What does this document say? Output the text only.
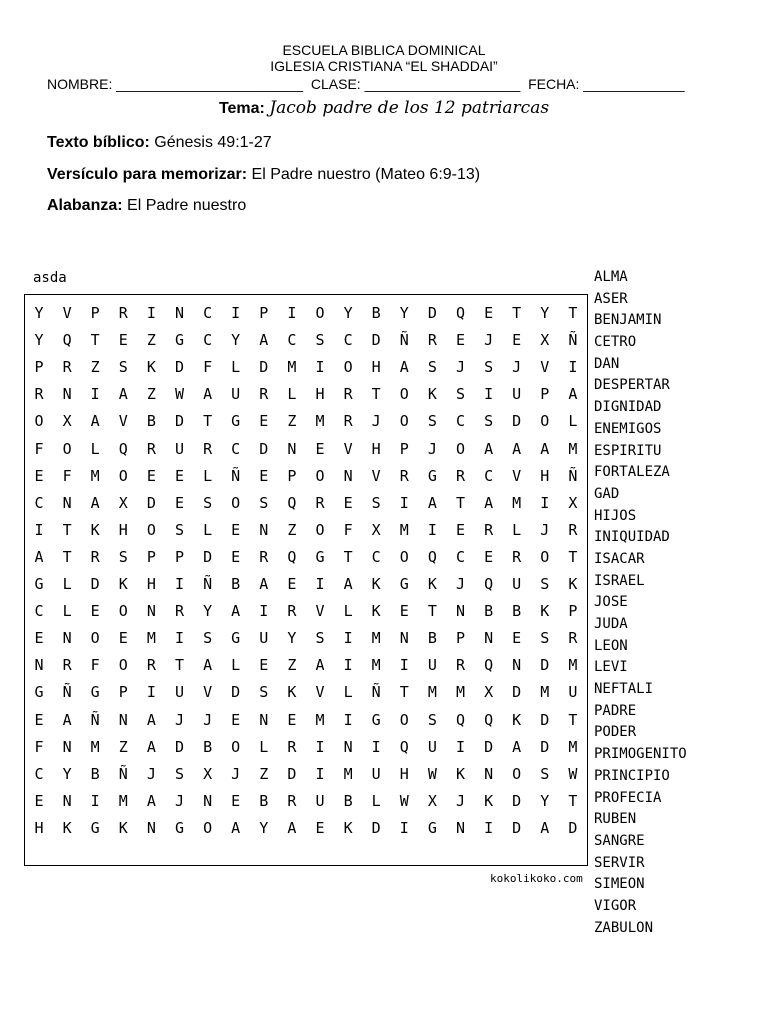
ESCUELA BIBLICA DOMINICAL
IGLESIA CRISTIANA “EL SHADDAI”
NOMBRE: ________________________  CLASE: ____________________  FECHA: _____________
Tema: Jacob padre de los 12 patriarcas
Texto bíblico: Génesis 49:1-27
Versículo para memorizar: El Padre nuestro (Mateo 6:9-13)
Alabanza: El Padre nuestro
asda
Y	V	P	R	I	N	C	I	P	I	O	Y	B	Y	D	Q	E	T	Y	T
Y	Q	T	E	Z	G	C	Y	A	C	S	C	D	Ñ	R	E	J	E	X	Ñ
P	R	Z	S	K	D	F	L	D	M	I	O	H	A	S	J	S	J	V	I
R	N	I	A	Z	W	A	U	R	L	H	R	T	O	K	S	I	U	P	A
O	X	A	V	B	D	T	G	E	Z	M	R	J	O	S	C	S	D	O	L
F	O	L	Q	R	U	R	C	D	N	E	V	H	P	J	O	A	A	A	M
E	F	M	O	E	E	L	Ñ	E	P	O	N	V	R	G	R	C	V	H	Ñ
C	N	A	X	D	E	S	O	S	Q	R	E	S	I	A	T	A	M	I	X
I	T	K	H	O	S	L	E	N	Z	O	F	X	M	I	E	R	L	J	R
A	T	R	S	P	P	D	E	R	Q	G	T	C	O	Q	C	E	R	O	T
G	L	D	K	H	I	Ñ	B	A	E	I	A	K	G	K	J	Q	U	S	K
C	L	E	O	N	R	Y	A	I	R	V	L	K	E	T	N	B	B	K	P
E	N	O	E	M	I	S	G	U	Y	S	I	M	N	B	P	N	E	S	R
N	R	F	O	R	T	A	L	E	Z	A	I	M	I	U	R	Q	N	D	M
G	Ñ	G	P	I	U	V	D	S	K	V	L	Ñ	T	M	M	X	D	M	U
E	A	Ñ	N	A	J	J	E	N	E	M	I	G	O	S	Q	Q	K	D	T
F	N	M	Z	A	D	B	O	L	R	I	N	I	Q	U	I	D	A	D	M
C	Y	B	Ñ	J	S	X	J	Z	D	I	M	U	H	W	K	N	O	S	W
E	N	I	M	A	J	N	E	B	R	U	B	L	W	X	J	K	D	Y	T
H	K	G	K	N	G	O	A	Y	A	E	K	D	I	G	N	I	D	A	D
kokolikoko.com
ALMA
ASER
BENJAMIN
CETRO
DAN
DESPERTAR
DIGNIDAD
ENEMIGOS
ESPIRITU
FORTALEZA
GAD
HIJOS
INIQUIDAD
ISACAR
ISRAEL
JOSE
JUDA
LEON
LEVI
NEFTALI
PADRE
PODER
PRIMOGENITO
PRINCIPIO
PROFECIA
RUBEN
SANGRE
SERVIR
SIMEON
VIGOR
ZABULON
